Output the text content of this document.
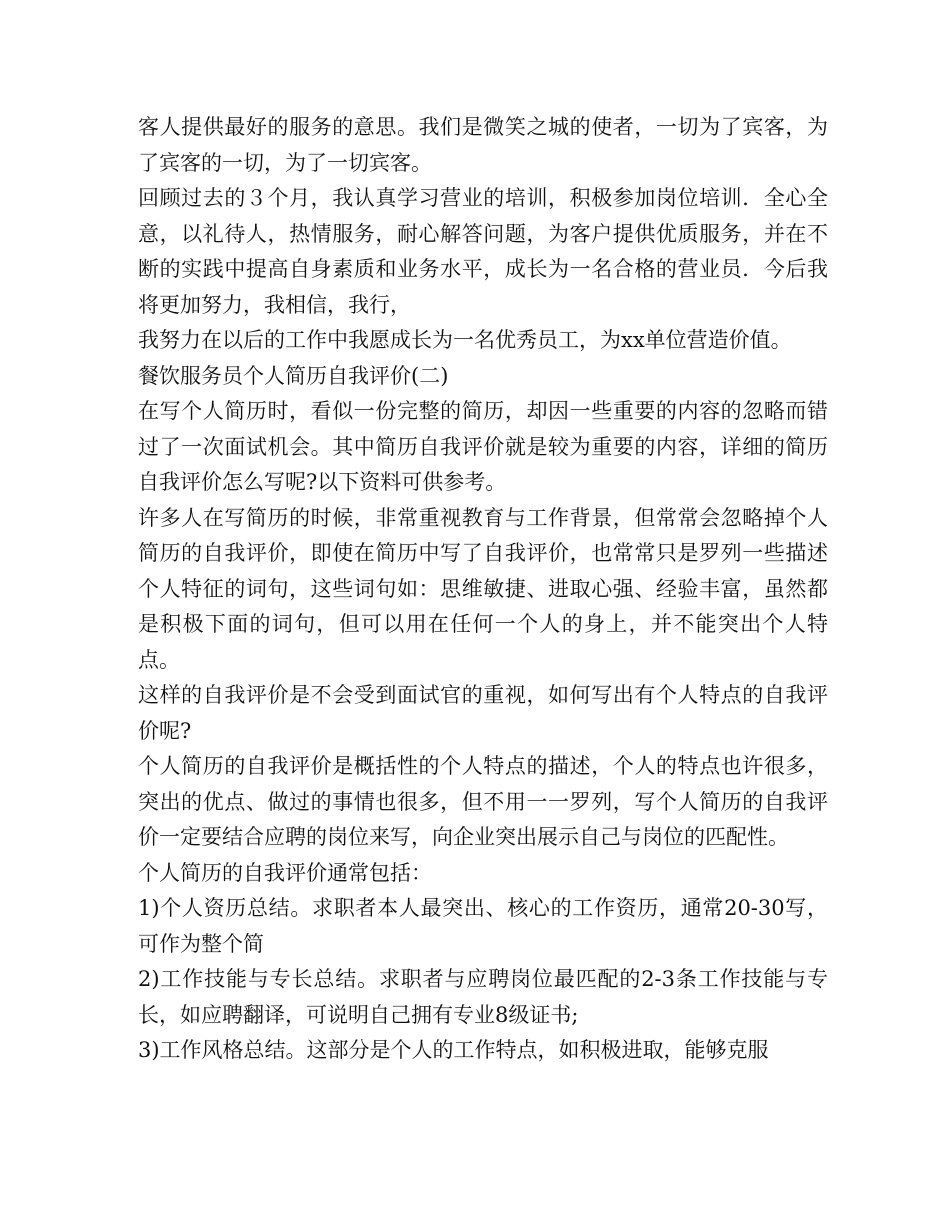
客人提供最好的服务的意思。我们是微笑之城的使者，一切为了宾客，为了宾客的一切，为了一切宾客。

回顾过去的３个月，我认真学习营业的培训，积极参加岗位培训．全心全意，以礼待人，热情服务，耐心解答问题，为客户提供优质服务，并在不断的实践中提高自身素质和业务水平，成长为一名合格的营业员．今后我将更加努力，我相信，我行，

我努力在以后的工作中我愿成长为一名优秀员工，为xx单位营造价值。

餐饮服务员个人简历自我评价(二)

在写个人简历时，看似一份完整的简历，却因一些重要的内容的忽略而错过了一次面试机会。其中简历自我评价就是较为重要的内容，详细的简历自我评价怎么写呢?以下资料可供参考。

许多人在写简历的时候，非常重视教育与工作背景，但常常会忽略掉个人简历的自我评价，即使在简历中写了自我评价，也常常只是罗列一些描述个人特征的词句，这些词句如：思维敏捷、进取心强、经验丰富，虽然都是积极下面的词句，但可以用在任何一个人的身上，并不能突出个人特点。

这样的自我评价是不会受到面试官的重视，如何写出有个人特点的自我评价呢?

个人简历的自我评价是概括性的个人特点的描述，个人的特点也许很多，突出的优点、做过的事情也很多，但不用一一罗列，写个人简历的自我评价一定要结合应聘的岗位来写，向企业突出展示自己与岗位的匹配性。

个人简历的自我评价通常包括：

1)个人资历总结。求职者本人最突出、核心的工作资历，通常20-30写，可作为整个简

2)工作技能与专长总结。求职者与应聘岗位最匹配的2-3条工作技能与专长，如应聘翻译，可说明自己拥有专业8级证书;

3)工作风格总结。这部分是个人的工作特点，如积极进取，能够克服
